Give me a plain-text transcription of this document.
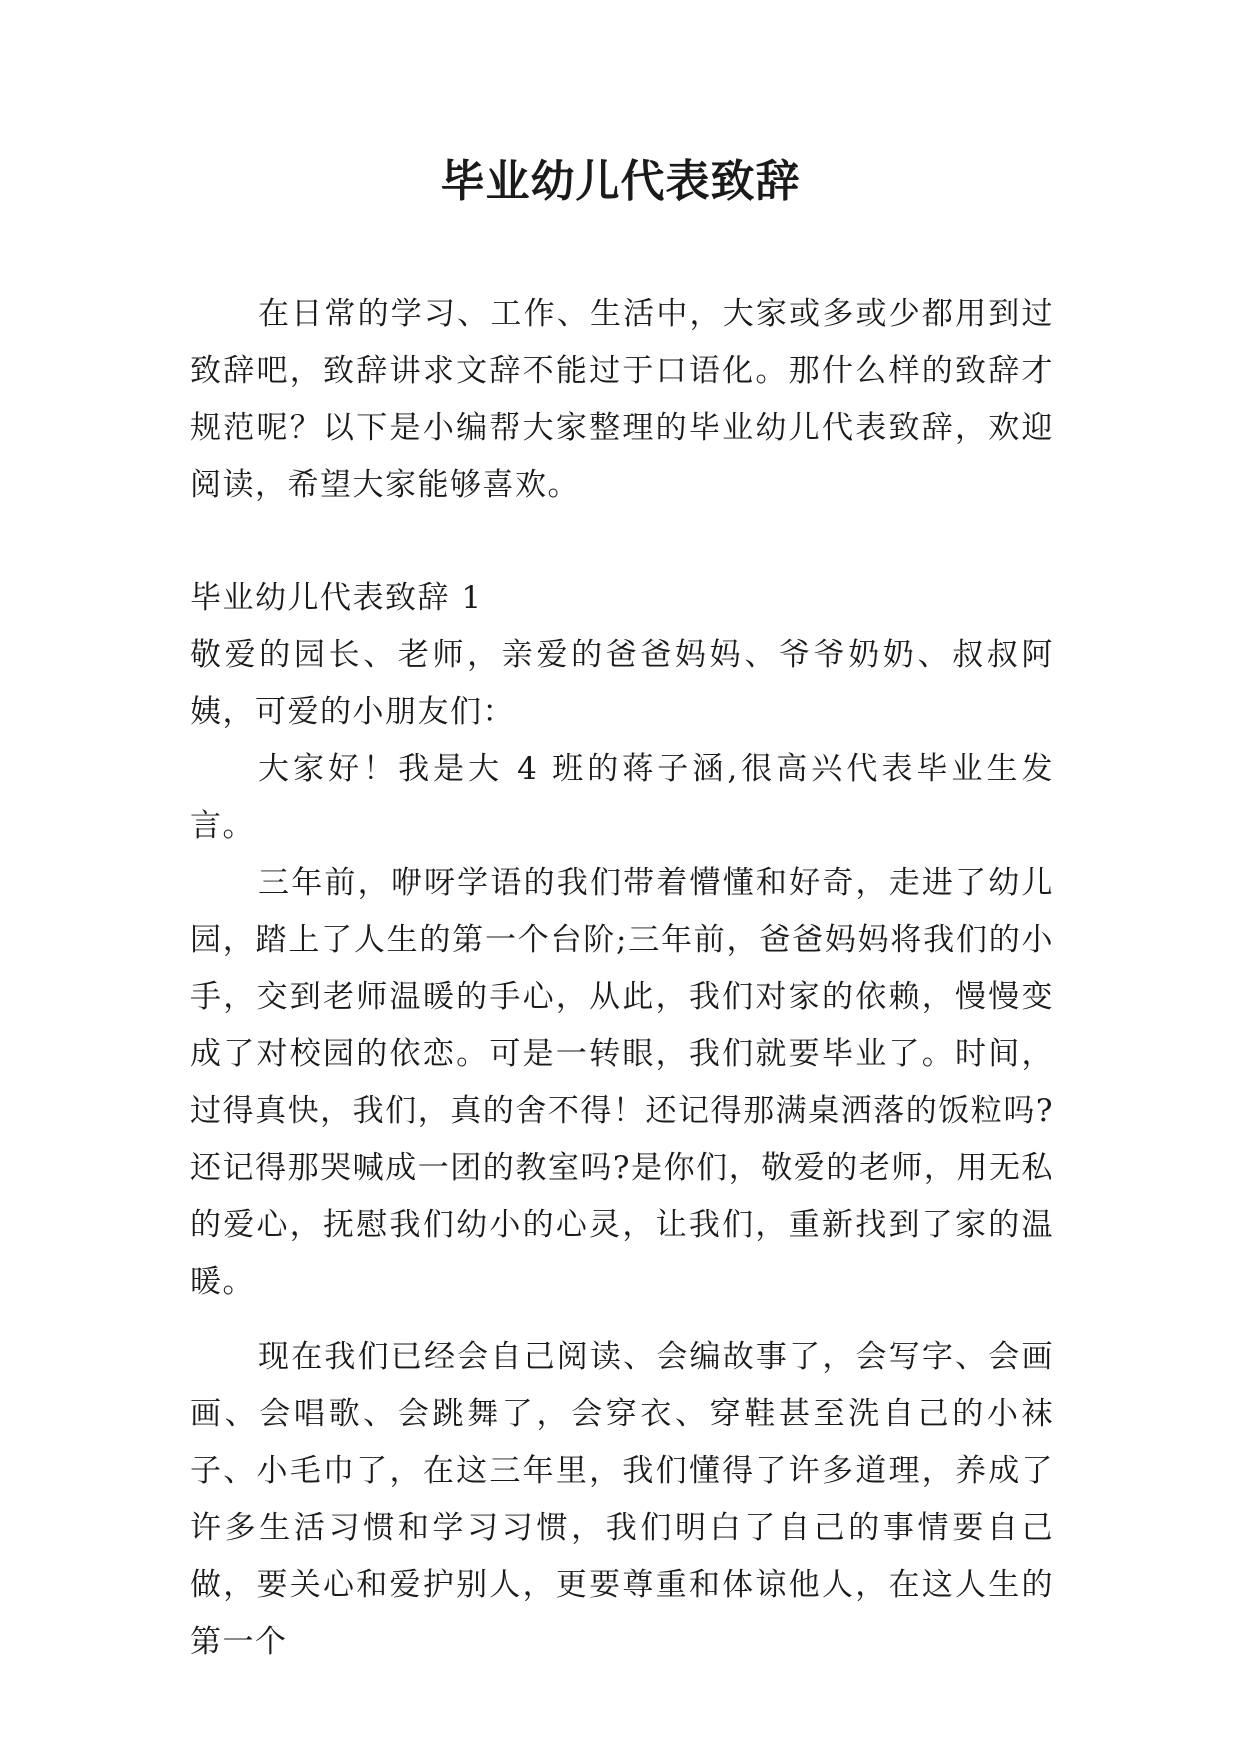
毕业幼儿代表致辞

在日常的学习、工作、生活中，大家或多或少都用到过致辞吧，致辞讲求文辞不能过于口语化。那什么样的致辞才规范呢？以下是小编帮大家整理的毕业幼儿代表致辞，欢迎阅读，希望大家能够喜欢。

毕业幼儿代表致辞 1

敬爱的园长、老师，亲爱的爸爸妈妈、爷爷奶奶、叔叔阿姨，可爱的小朋友们：

大家好！我是大 4 班的蒋子涵,很高兴代表毕业生发言。

三年前，咿呀学语的我们带着懵懂和好奇，走进了幼儿园，踏上了人生的第一个台阶;三年前，爸爸妈妈将我们的小手，交到老师温暖的手心，从此，我们对家的依赖，慢慢变成了对校园的依恋。可是一转眼，我们就要毕业了。时间，过得真快，我们，真的舍不得！还记得那满桌洒落的饭粒吗?还记得那哭喊成一团的教室吗?是你们，敬爱的老师，用无私的爱心，抚慰我们幼小的心灵，让我们，重新找到了家的温暖。

现在我们已经会自己阅读、会编故事了，会写字、会画画、会唱歌、会跳舞了，会穿衣、穿鞋甚至洗自己的小袜子、小毛巾了，在这三年里，我们懂得了许多道理，养成了许多生活习惯和学习习惯，我们明白了自己的事情要自己做，要关心和爱护别人，更要尊重和体谅他人，在这人生的第一个
